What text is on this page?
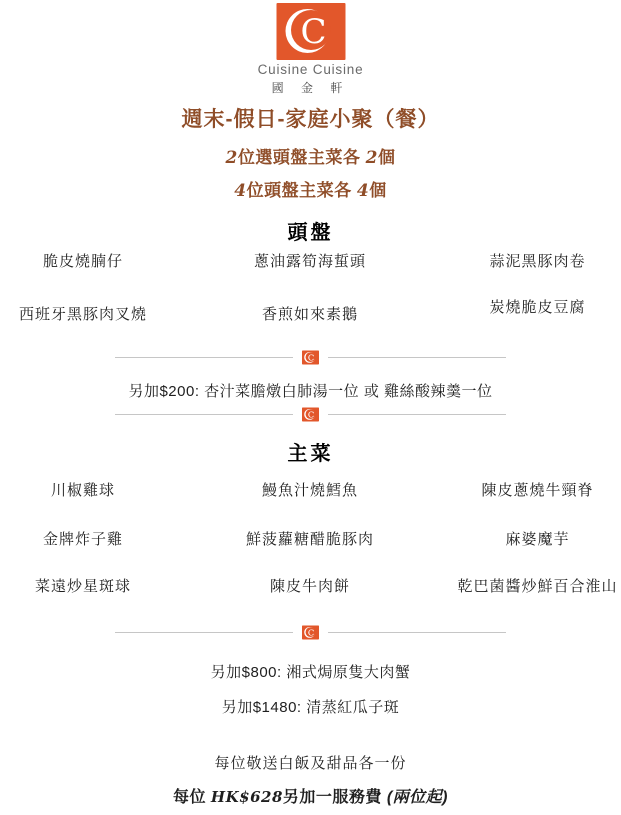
C
Cuisine Cuisine
國 金 軒
週末-假日-家庭小聚（餐）
2位選頭盤主菜各 2個
4位頭盤主菜各 4個
頭盤
脆皮燒腩仔	蔥油露筍海蜇頭	蒜泥黑豚肉卷
西班牙黑豚肉叉燒	香煎如來素鵝	炭燒脆皮豆腐
C
另加$200: 杏汁菜膽燉白肺湯一位 或 雞絲酸辣羹一位
C
主菜
川椒雞球	鰻魚汁燒鱈魚	陳皮蔥燒牛頸脊
金牌炸子雞	鮮菠蘿糖醋脆豚肉	麻婆魔芋
菜遠炒星斑球	陳皮牛肉餅	乾巴菌醬炒鮮百合淮山
C
另加$800: 湘式焗原隻大肉蟹
另加$1480: 清蒸紅瓜子斑
每位敬送白飯及甜品各一份
每位 HK$628另加一服務費 (兩位起)
